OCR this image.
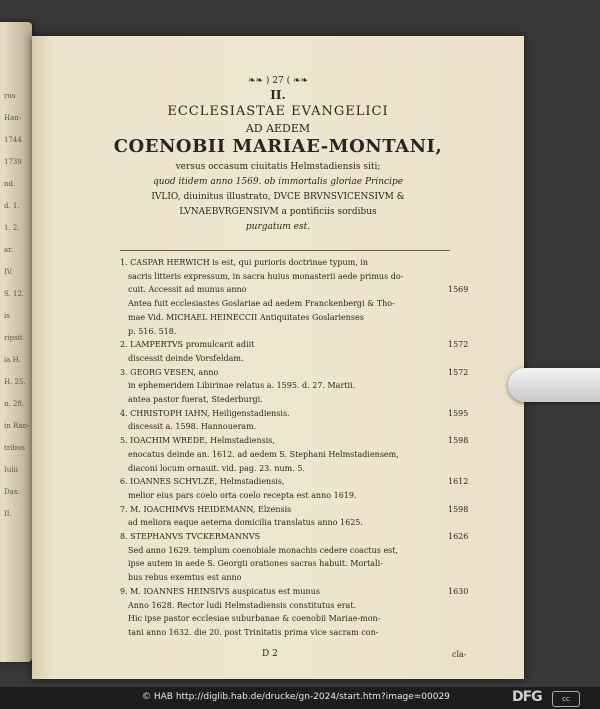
rus
Han-
1744
1739
nd.
d. 1.
1. 2.
ar.
IV.
S. 12.
is
ripsit
ia H.
H. 25.
n. 28.
in Ran-
tribus
Iulii
Dax.
II.
❧❧ ) 27 ( ❧❧
II.
ECCLESIASTAE EVANGELICI
AD AEDEM
COENOBII MARIAE-MONTANI,
versus occasum ciuitatis Helmstadiensis siti;
quod itidem anno 1569. ob immortalis gloriae Principe
IVLIO, diuinitus illustrato, DVCE BRVNSVICENSIVM &
LVNAEBVRGENSIVM a pontificiis sordibus
purgatum est.
1. CASPAR HERWICH is est, qui purioris doctrinae typum, in
sacris litteris expressum, in sacra huius monasterii aede primus do-
cuit. Accessit ad munus anno	1569
Antea fuit ecclesiastes Goslariae ad aedem Franckenbergi & Tho-
mae Vid. MICHAEL HEINECCII Antiquitates Goslarienses
p. 516. 518.
2. LAMPERTVS promulcarit adiit	1572
discessit deinde Vorsfeldam.
3. GEORG VESEN, anno	1572
in ephemeridem Libirinae relatus a. 1595. d. 27. Martii.
antea pastor fuerat, Stederburgi.
4. CHRISTOPH IAHN, Heiligenstadiensis.	1595
discessit a. 1598. Hannoueram.
5. IOACHIM WREDE, Helmstadiensis,	1598
enocatus deinde an. 1612. ad aedem S. Stephani Helmstadiensem,
diaconi locum ornauit. vid. pag. 23. num. 5.
6. IOANNES SCHVLZE, Helmstadiensis,	1612
melior eius pars coelo orta coelo recepta est anno 1619.
7. M. IOACHIMVS HEIDEMANN, Elzensis	1598
ad meliora eaque aeterna domicilia translatus anno 1625.
8. STEPHANVS TVCKERMANNVS	1626
Sed anno 1629. templum coenobiale monachis cedere coactus est,
ipse autem in aede S. Georgii orationes sacras habuit. Mortali-
bus rebus exemtus est anno
9. M. IOANNES HEINSIVS auspicatus est munus	1630
Anno 1628. Rector ludi Helmstadiensis constitutus erat.
Hic ipse pastor ecclesiae suburbanae & coenobii Mariae-mon-
tani anno 1632. die 20. post Trinitatis prima vice sacram con-
D 2	cla-
© HAB http://diglib.hab.de/drucke/gn-2024/start.htm?image=00029	DFG	cc
